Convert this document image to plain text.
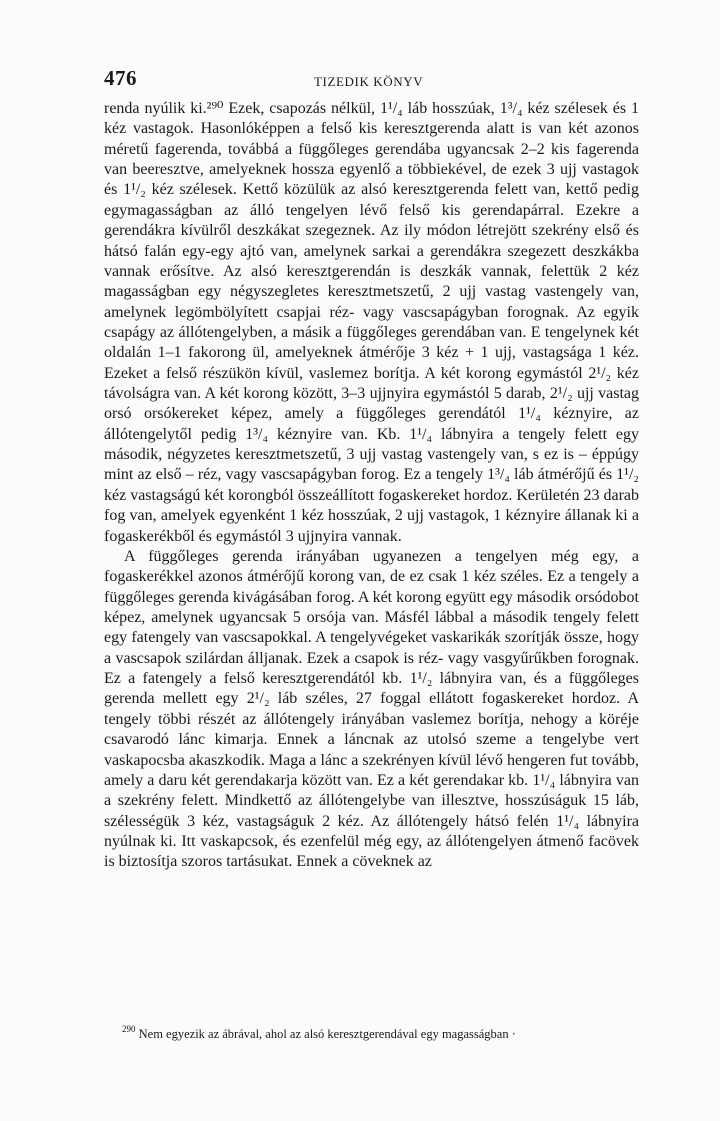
476	TIZEDIK KÖNYV

renda nyúlik ki.²⁹⁰ Ezek, csapozás nélkül, 1¹/₄ láb hosszúak, 1³/₄ kéz szélesek és 1 kéz vastagok. Hasonlóképpen a felső kis keresztgerenda alatt is van két azonos méretű fagerenda, továbbá a függőleges gerendába ugyancsak 2–2 kis fagerenda van beeresztve, amelyeknek hossza egyenlő a többiekével, de ezek 3 ujj vastagok és 1¹/₂ kéz szélesek. Kettő közülük az alsó keresztgerenda felett van, kettő pedig egymagasságban az álló tengelyen lévő felső kis gerendapárral. Ezekre a gerendákra kívülről deszkákat szegeznek. Az ily módon létrejött szekrény első és hátsó falán egy-egy ajtó van, amelynek sarkai a gerendákra szegezett deszkákba vannak erősítve. Az alsó keresztgerendán is deszkák vannak, felettük 2 kéz magasságban egy négyszegletes keresztmetszetű, 2 ujj vastag vastengely van, amelynek legömbölyített csapjai réz- vagy vascsapágyban forognak. Az egyik csapágy az állótengelyben, a másik a függőleges gerendában van. E tengelynek két oldalán 1–1 fakorong ül, amelyeknek átmérője 3 kéz + 1 ujj, vastagsága 1 kéz. Ezeket a felső részükön kívül, vaslemez borítja. A két korong egymástól 2¹/₂ kéz távolságra van. A két korong között, 3–3 ujjnyira egymástól 5 darab, 2¹/₂ ujj vastag orsó orsókereket képez, amely a függőleges gerendától 1¹/₄ kéznyire, az állótengelytől pedig 1³/₄ kéznyire van. Kb. 1¹/₄ lábnyira a tengely felett egy második, négyzetes keresztmetszetű, 3 ujj vastag vastengely van, s ez is – éppúgy mint az első – réz, vagy vascsapágyban forog. Ez a tengely 1³/₄ láb átmérőjű és 1¹/₂ kéz vastagságú két korongból összeállított fogaskereket hordoz. Kerületén 23 darab fog van, amelyek egyenként 1 kéz hosszúak, 2 ujj vastagok, 1 kéznyire állanak ki a fogaskerékből és egymástól 3 ujjnyira vannak.

A függőleges gerenda irányában ugyanezen a tengelyen még egy, a fogaskerékkel azonos átmérőjű korong van, de ez csak 1 kéz széles. Ez a tengely a függőleges gerenda kivágásában forog. A két korong együtt egy második orsódobot képez, amelynek ugyancsak 5 orsója van. Másfél lábbal a második tengely felett egy fatengely van vascsapokkal. A tengelyvégeket vaskarikák szorítják össze, hogy a vascsapok szilárdan álljanak. Ezek a csapok is réz- vagy vasgyűrűkben forognak. Ez a fatengely a felső keresztgerendától kb. 1¹/₂ lábnyira van, és a függőleges gerenda mellett egy 2¹/₂ láb széles, 27 foggal ellátott fogaskereket hordoz. A tengely többi részét az állótengely irányában vaslemez borítja, nehogy a köréje csavarodó lánc kimarja. Ennek a láncnak az utolsó szeme a tengelybe vert vaskapocsba akaszkodik. Maga a lánc a szekrényen kívül lévő hengeren fut tovább, amely a daru két gerendakarja között van. Ez a két gerendakar kb. 1¹/₄ lábnyira van a szekrény felett. Mindkettő az állótengelybe van illesztve, hosszúságuk 15 láb, szélességük 3 kéz, vastagságuk 2 kéz. Az állótengely hátsó felén 1¹/₄ lábnyira nyúlnak ki. Itt vaskapcsok, és ezenfelül még egy, az állótengelyen átmenő facövek is biztosítja szoros tartásukat. Ennek a cöveknek az

$^{290}$ Nem egyezik az ábrával, ahol az alsó keresztgerendával egy magasságban ·
